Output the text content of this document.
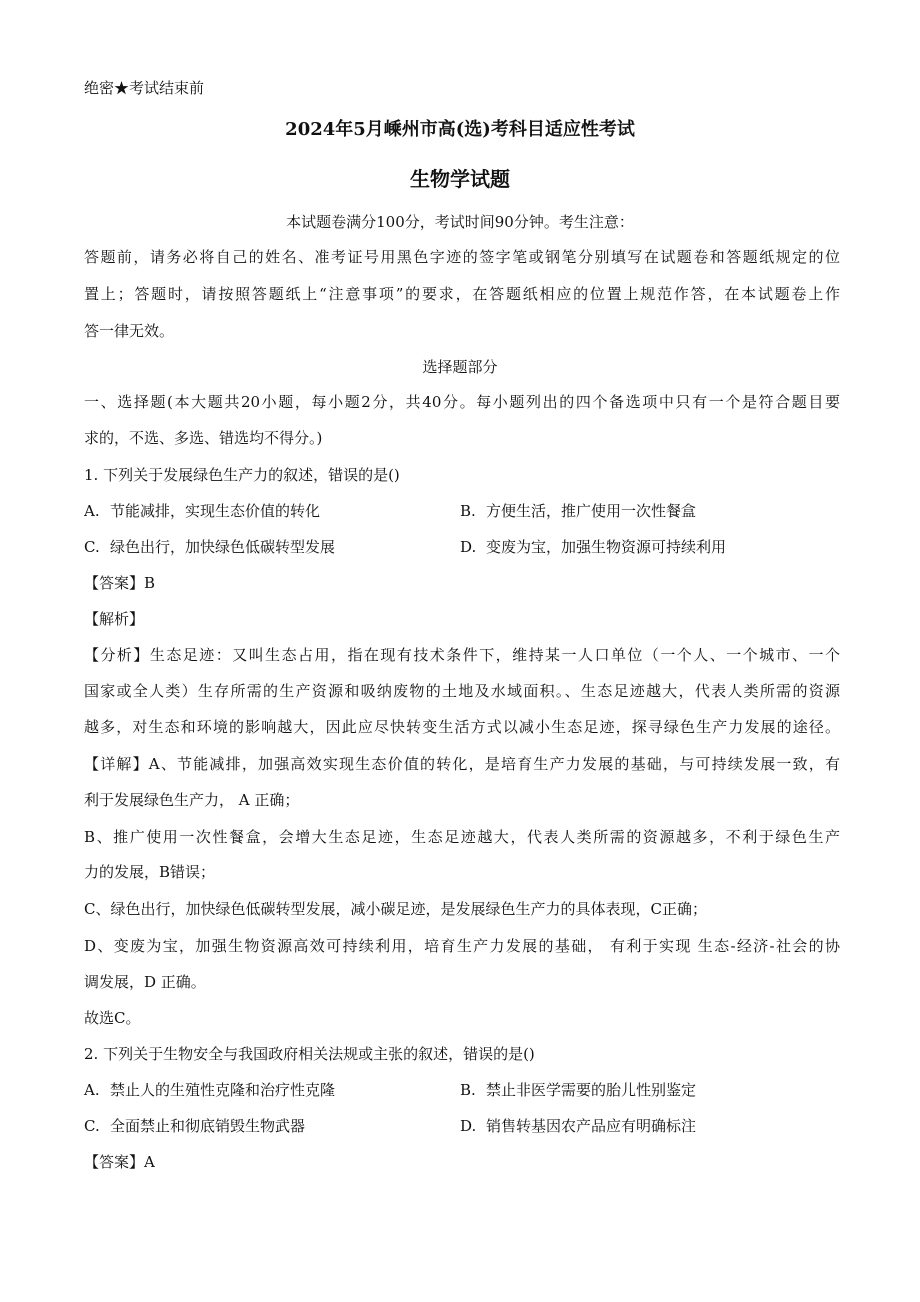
绝密★考试结束前
2024年5月嵊州市高(选)考科目适应性考试
生物学试题
本试题卷满分100分，考试时间90分钟。考生注意：
答题前，请务必将自己的姓名、准考证号用黑色字迹的签字笔或钢笔分别填写在试题卷和答题纸规定的位
置上；答题时，请按照答题纸上“注意事项”的要求，在答题纸相应的位置上规范作答，在本试题卷上作
答一律无效。
选择题部分
一、选择题(本大题共20小题，每小题2分，共40分。每小题列出的四个备选项中只有一个是符合题目要
求的，不选、多选、错选均不得分。)
1. 下列关于发展绿色生产力的叙述，错误的是()
A. 节能减排，实现生态价值的转化	B. 方便生活，推广使用一次性餐盒
C. 绿色出行，加快绿色低碳转型发展	D. 变废为宝，加强生物资源可持续利用
【答案】B
【解析】
【分析】生态足迹：又叫生态占用，指在现有技术条件下，维持某一人口单位（一个人、一个城市、一个
国家或全人类）生存所需的生产资源和吸纳废物的土地及水域面积。、生态足迹越大，代表人类所需的资源
越多，对生态和环境的影响越大，因此应尽快转变生活方式以减小生态足迹，探寻绿色生产力发展的途径。
【详解】A、节能减排，加强高效实现生态价值的转化，是培育生产力发展的基础，与可持续发展一致，有
利于发展绿色生产力， A 正确；
B、推广使用一次性餐盒，会增大生态足迹，生态足迹越大，代表人类所需的资源越多，不利于绿色生产
力的发展，B错误；
C、绿色出行，加快绿色低碳转型发展，减小碳足迹，是发展绿色生产力的具体表现，C正确；
D、变废为宝，加强生物资源高效可持续利用，培育生产力发展的基础， 有利于实现 生态-经济-社会的协
调发展，D 正确。
故选C。
2. 下列关于生物安全与我国政府相关法规或主张的叙述，错误的是()
A. 禁止人的生殖性克隆和治疗性克隆	B. 禁止非医学需要的胎儿性别鉴定
C. 全面禁止和彻底销毁生物武器	D. 销售转基因农产品应有明确标注
【答案】A
